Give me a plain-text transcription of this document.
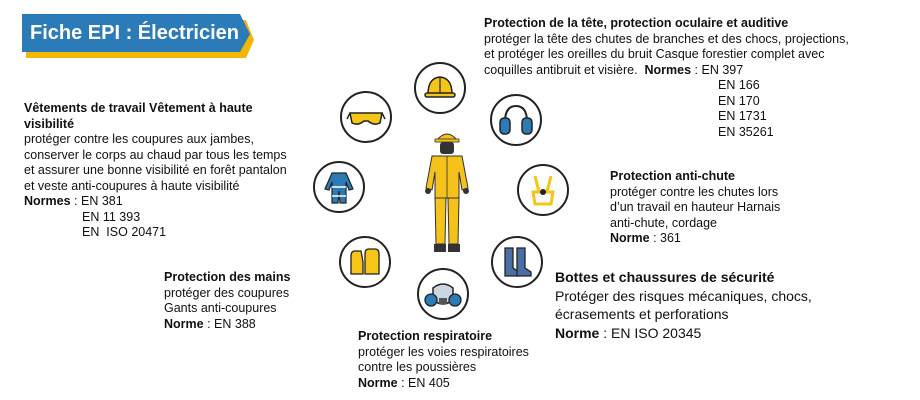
Fiche EPI : Électricien
Vêtements de travail Vêtement à haute
visibilité
protéger contre les coupures aux jambes,
conserver le corps au chaud par tous les temps
et assurer une bonne visibilité en forêt pantalon
et veste anti-coupures à haute visibilité
Normes : EN 381
EN 11 393
EN  ISO 20471
Protection des mains
protéger des coupures
Gants anti-coupures
Norme : EN 388
Protection respiratoire
protéger les voies respiratoires
contre les poussières
Norme : EN 405
Protection de la tête, protection oculaire et auditive
protéger la tête des chutes de branches et des chocs, projections,
et protéger les oreilles du bruit Casque forestier complet avec
coquilles antibruit et visière. Normes : EN 397
EN 166
EN 170
EN 1731
EN 35261
Protection anti-chute
protéger contre les chutes lors
d’un travail en hauteur Harnais
anti-chute, cordage
Norme : 361
Bottes et chaussures de sécurité
Protéger des risques mécaniques, chocs,
écrasements et perforations
Norme : EN ISO 20345
